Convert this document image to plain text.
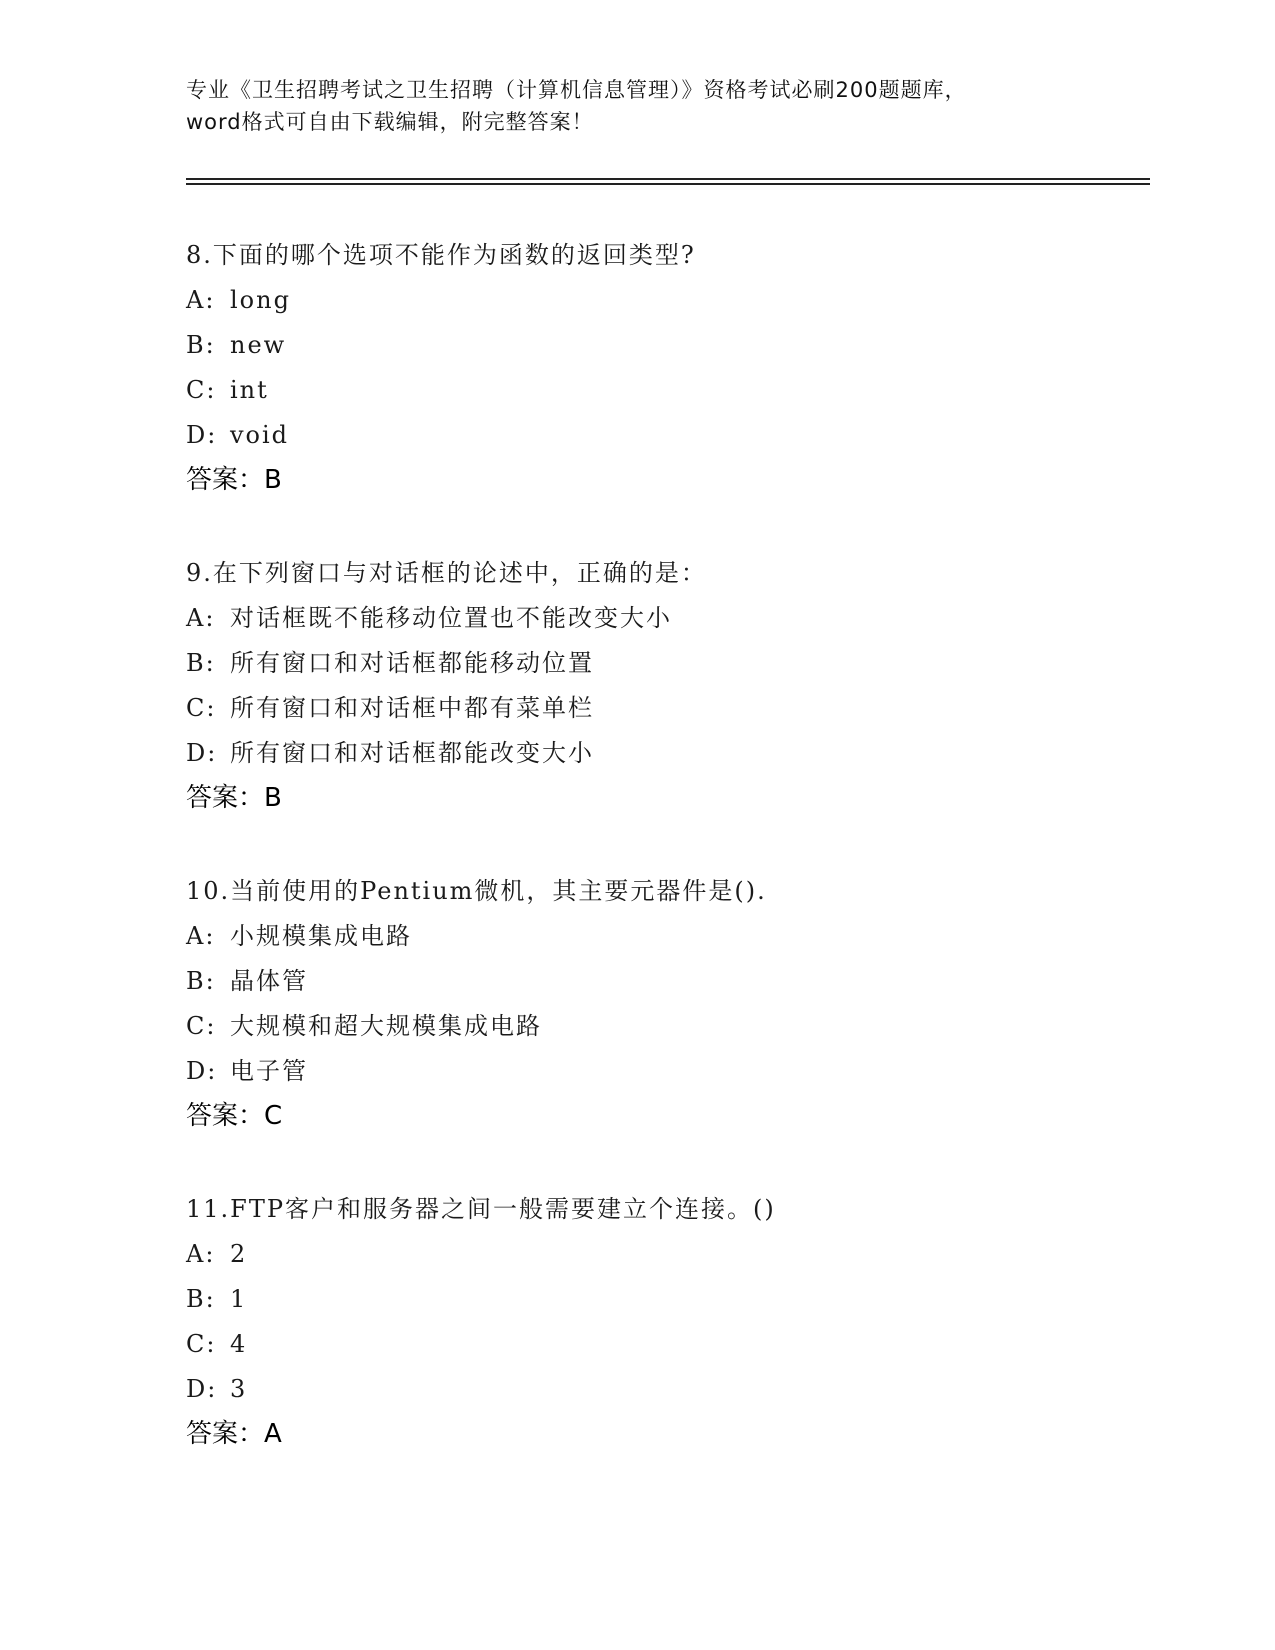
专业《卫生招聘考试之卫生招聘（计算机信息管理）》资格考试必刷200题题库，
word格式可自由下载编辑，附完整答案！
8.下面的哪个选项不能作为函数的返回类型?
A: long
B: new
C: int
D: void
答案：B
9.在下列窗口与对话框的论述中，正确的是：
A: 对话框既不能移动位置也不能改变大小
B: 所有窗口和对话框都能移动位置
C: 所有窗口和对话框中都有菜单栏
D: 所有窗口和对话框都能改变大小
答案：B
10.当前使用的Pentium微机，其主要元器件是().
A: 小规模集成电路
B: 晶体管
C: 大规模和超大规模集成电路
D: 电子管
答案：C
11.FTP客户和服务器之间一般需要建立个连接。()
A: 2
B: 1
C: 4
D: 3
答案：A
